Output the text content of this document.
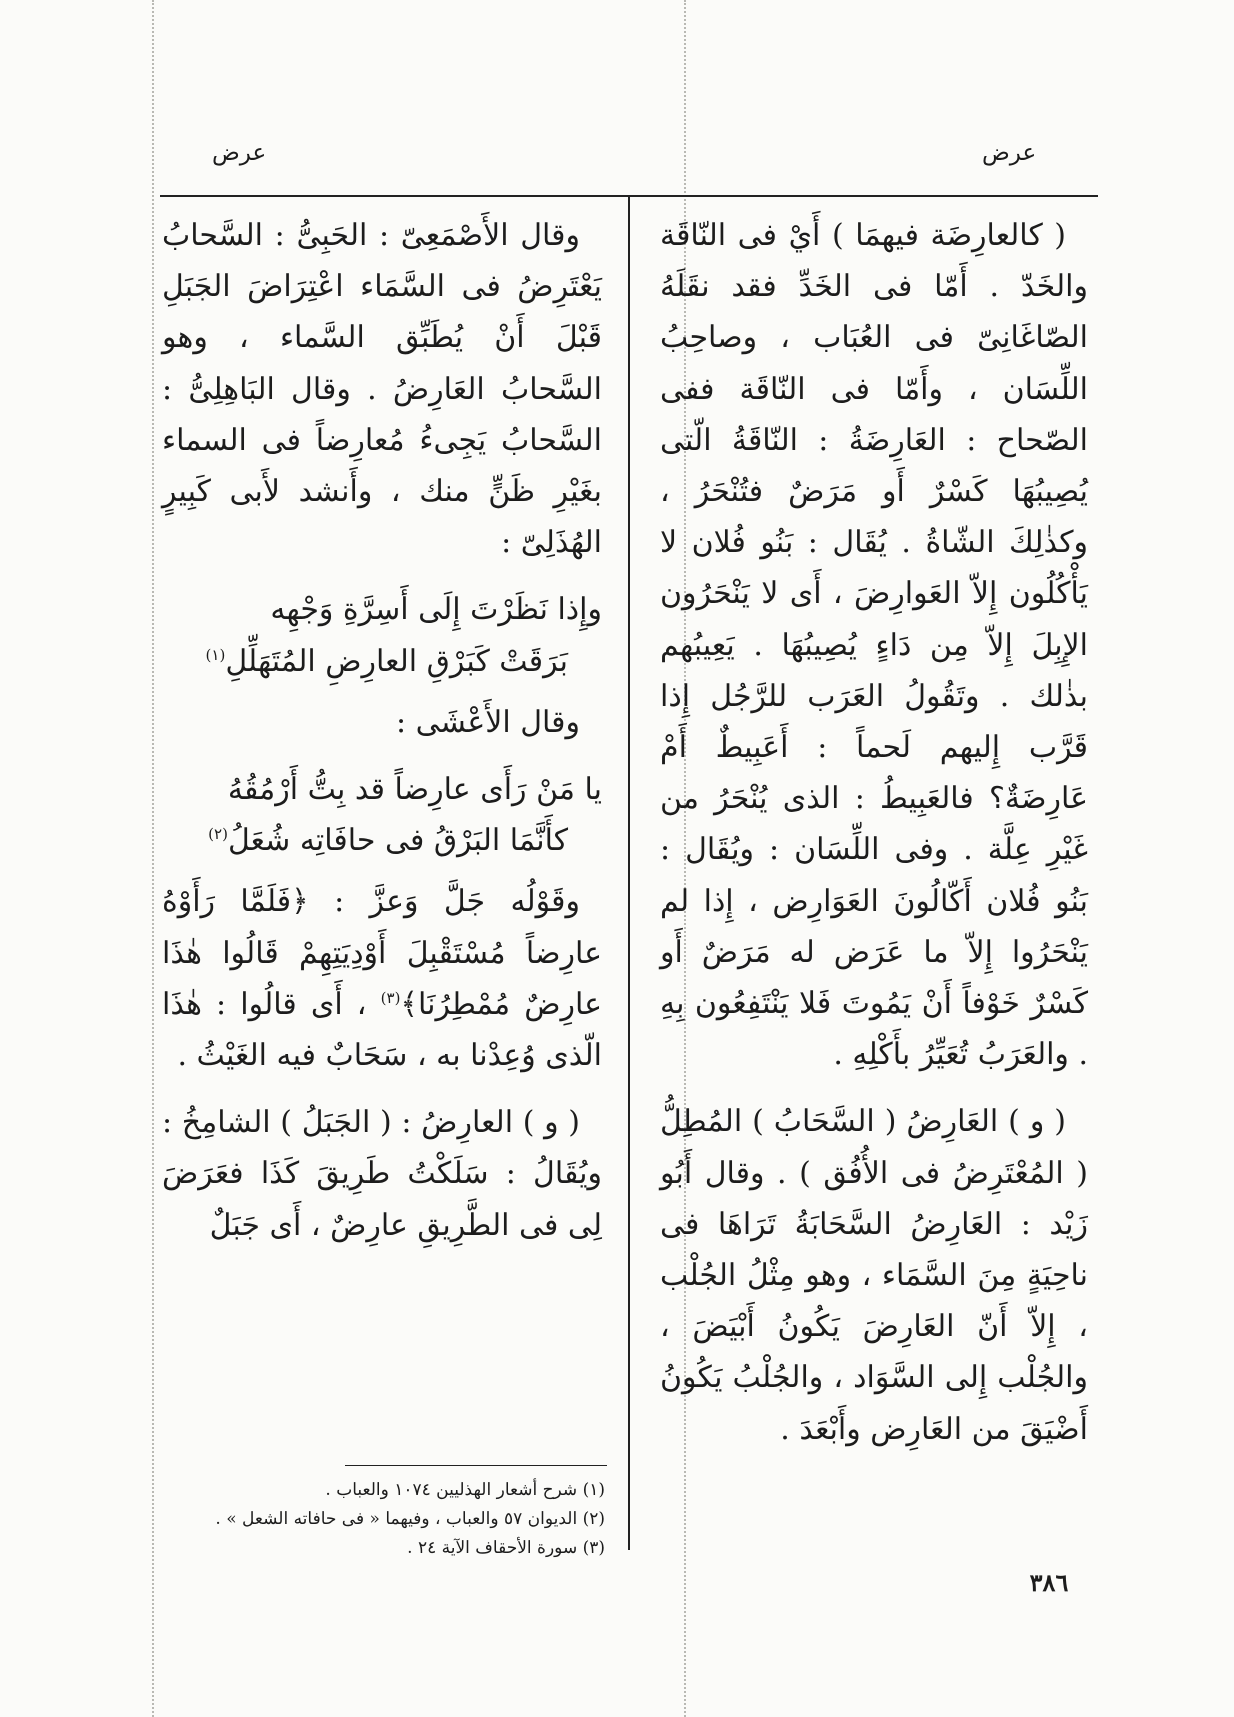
عرض	عرض

( كالعارِضَة فيهمَا ) أَيْ فى النّاقَة والخَدّ . أَمّا فى الخَدِّ فقد نقَلَهُ الصّاغَانِىّ فى العُبَاب ، وصاحِبُ اللِّسَان ، وأَمّا فى النّاقَة ففى الصّحاح : العَارِضَةُ : النّاقَةُ الّتى يُصِيبُهَا كَسْرٌ أَو مَرَضٌ فتُنْحَرُ ، وكذٰلِكَ الشّاةُ . يُقَال : بَنُو فُلان لا يَأْكُلُون إِلاّ العَوارِضَ ، أَى لا يَنْحَرُون الإِبِلَ إِلاّ مِن دَاءٍ يُصِيبُهَا . يَعِيبُهم بذٰلك . وتَقُولُ العَرَب للرَّجُل إِذا قَرَّب إِليهم لَحماً : أَعَبِيطٌ أَمْ عَارِضَةٌ؟ فالعَبِيطُ : الذى يُنْحَرُ من غَيْرِ عِلَّة . وفى اللِّسَان : ويُقَال : بَنُو فُلان أَكّالُونَ العَوَارِض ، إِذا لم يَنْحَرُوا إِلاّ ما عَرَض له مَرَضٌ أَو كَسْرٌ خَوْفاً أَنْ يَمُوتَ فَلا يَنْتَفِعُون بِهِ . والعَرَبُ تُعَيِّرُ بأَكْلِهِ .

( و ) العَارِضُ ( السَّحَابُ ) المُطِلُّ ( المُعْتَرِضُ فى الأُفُق ) . وقال أَبُو زَيْد : العَارِضُ السَّحَابَةُ تَرَاهَا فى ناحِيَةٍ مِنَ السَّمَاء ، وهو مِثْلُ الجُلْب ، إِلاّ أَنّ العَارِضَ يَكُونُ أَبْيَضَ ، والجُلْب إِلى السَّوَاد ، والجُلْبُ يَكُونُ أَضْيَقَ من العَارِض وأَبْعَدَ .

وقال الأَصْمَعِىّ : الحَبِىُّ : السَّحابُ يَعْتَرِضُ فى السَّمَاء اعْتِرَاضَ الجَبَلِ قَبْلَ أَنْ يُطَبِّق السَّماء ، وهو السَّحابُ العَارِضُ . وقال البَاهِلِىُّ : السَّحابُ يَجِىءُ مُعارِضاً فى السماء بغَيْرِ ظَنٍّ منك ، وأَنشد لأَبى كَبِيرٍ الهُذَلِىّ :

وإِذا نَظَرْتَ إِلَى أَسِرَّةِ وَجْهِه
بَرَقَتْ كَبَرْقِ العارِضِ المُتَهَلِّلِ$^{(١)}$

وقال الأَعْشَى :

يا مَنْ رَأَى عارِضاً قد بِتُّ أَرْمُقُهُ
كأَنَّمَا البَرْقُ فى حافَاتِه شُعَلُ$^{(٢)}$

وقَوْلُه جَلَّ وَعزَّ : ﴿فَلَمَّا رَأَوْهُ عارِضاً مُسْتَقْبِلَ أَوْدِيَتِهِمْ قَالُوا هٰذَا عارِضٌ مُمْطِرُنَا﴾$^{(٣)}$ ، أَى قالُوا : هٰذَا الّذى وُعِدْنا به ، سَحَابٌ فيه الغَيْثُ .

( و ) العارِضُ : ( الجَبَلُ ) الشامِخُ : ويُقَالُ : سَلَكْتُ طَرِيقَ كَذَا فعَرَضَ لِى فى الطَّرِيقِ عارِضٌ ، أَى جَبَلٌ

(١) شرح أشعار الهذليين ١٠٧٤ والعباب .
(٢) الديوان ٥٧ والعباب ، وفيهما « فى حافاته الشعل » .
(٣) سورة الأحقاف الآية ٢٤ .
٣٨٦
